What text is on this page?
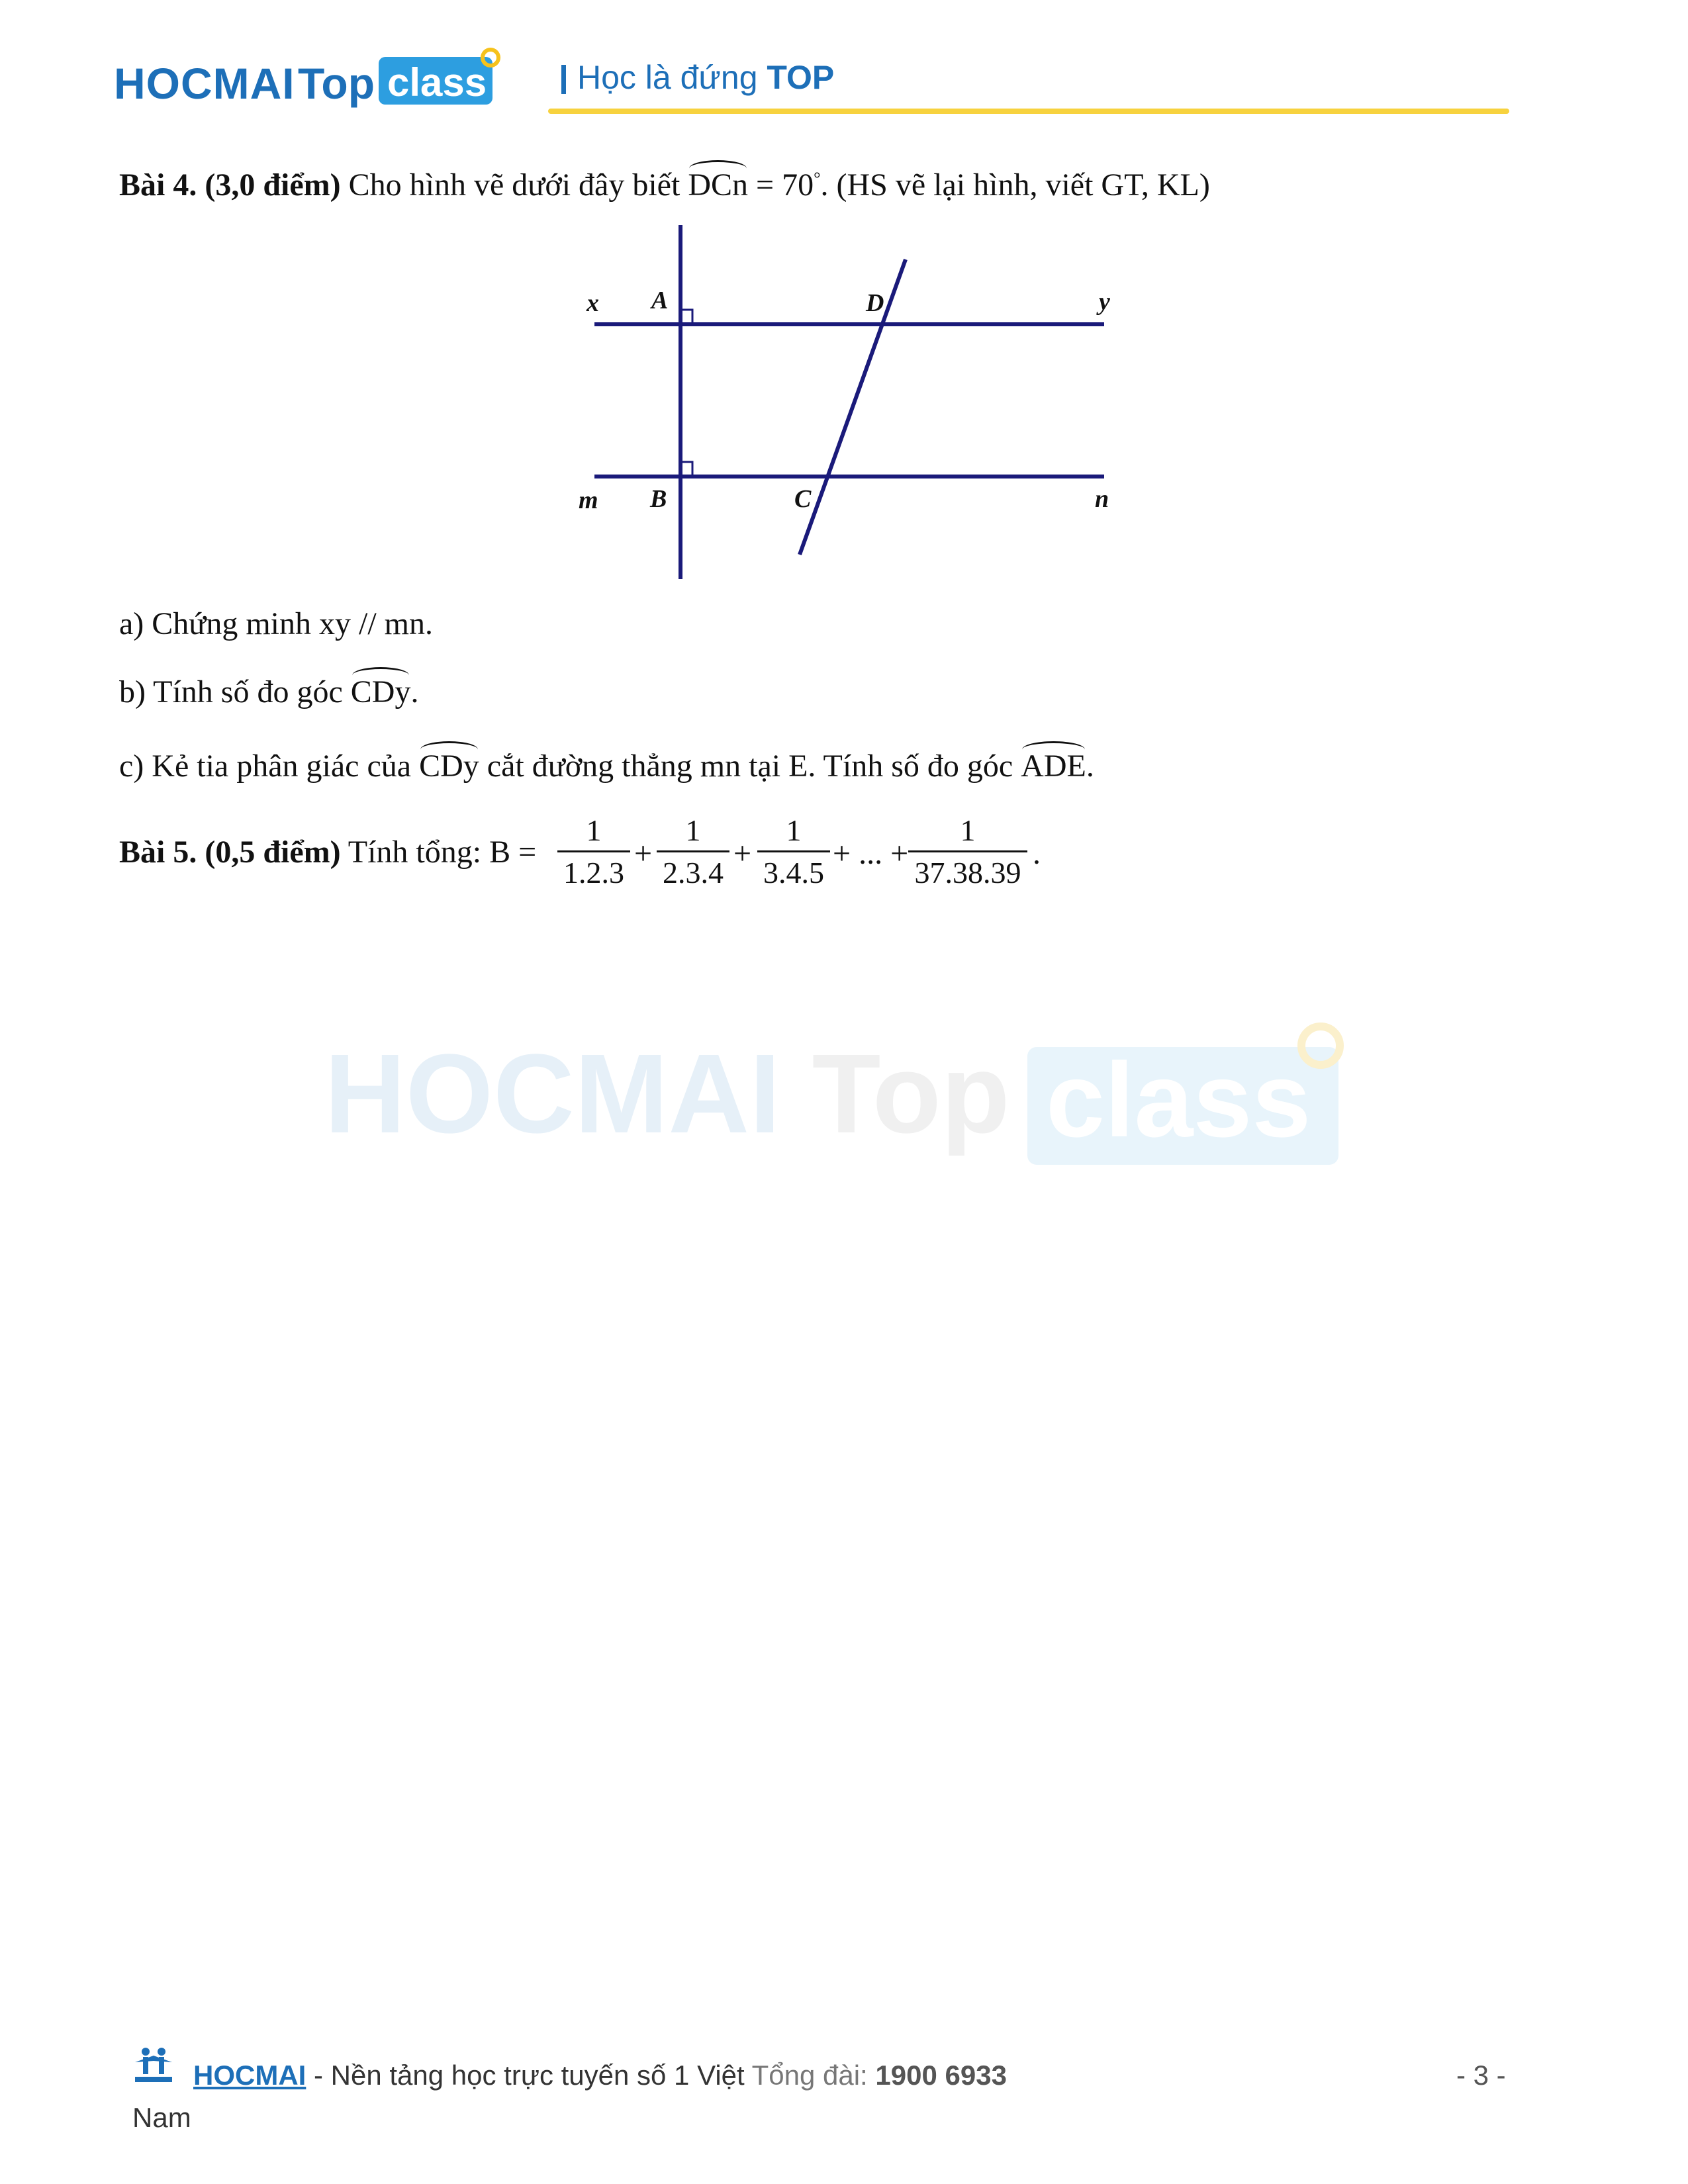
HOCMAI Top class
HOCMAI Top class	Học là đứng TOP
Bài 4. (3,0 điểm) Cho hình vẽ dưới đây biết DCn = 70°. (HS vẽ lại hình, viết GT, KL)
x A	D	y
m B	C	n
a) Chứng minh xy // mn.
b) Tính số đo góc CDy.
c) Kẻ tia phân giác của CDy cắt đường thẳng mn tại E. Tính số đo góc ADE.
Bài 5. (0,5 điểm) Tính tổng: $B = \frac{1}{1.2.3} + \frac{1}{2.3.4} + \frac{1}{3.4.5}$ + ... + $\frac{1}{37.38.39}$ .
HOCMAI - Nền tảng học trực tuyến số 1 Việt Tổng đài: 1900 6933
Nam
- 3 -
